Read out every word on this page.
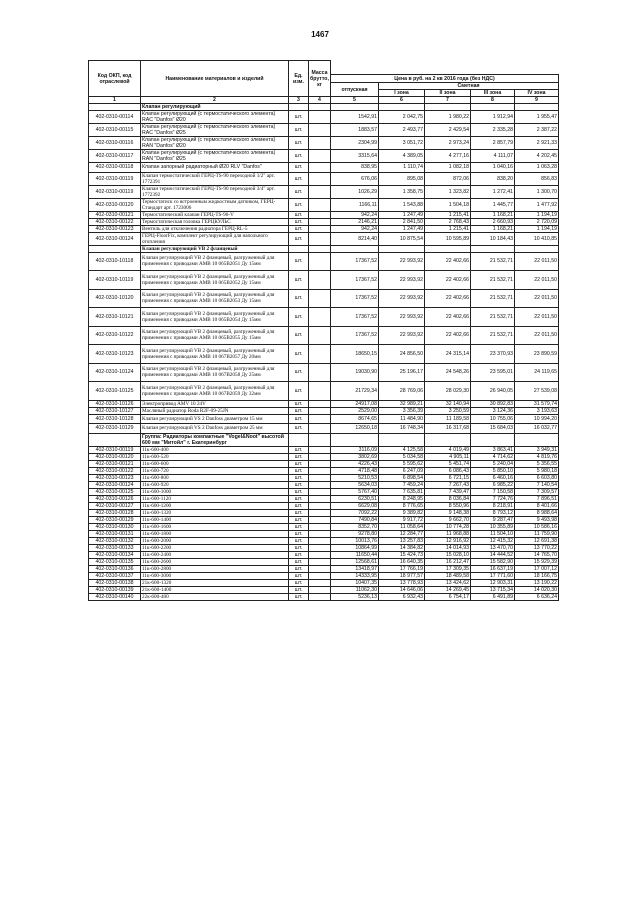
1467
Код ОКП, код отраслевой	Наименование материалов и изделий	Ед. изм.	Масса брутто, кг					
				Цена в руб. на 2 кв 2016 года (без НДС)				
				отпускная	Сметная			
					I зона	II зона	III зона	IV зона
1	2	3	4	5	6	7	8	9
	Клапан регулирующий							
402-0310-00114	Клапан регулирующий (с термостатического элемента) RAC "Danfos" Ø20	шт.		1542,91	2 042,75	1 980,22	1 912,94	1 955,47
402-0310-00115	Клапан регулирующий (с термостатического элемента) RAC "Danfos" Ø25	шт.		1883,57	2 493,77	2 429,54	2 335,28	2 387,22
402-0310-00116	Клапан регулирующий (с термостатического элемента) RAN "Danfos" Ø20	шт.		2304,99	3 051,72	2 973,24	2 857,79	2 921,33
402-0310-00117	Клапан регулирующий (с термостатического элемента) RAN "Danfos" Ø25	шт.		3315,64	4 389,05	4 277,16	4 111,07	4 202,45
402-0310-00118	Клапан запорный радиаторный Ø20 RLV "Danfos"	шт.		838,95	1 110,74	1 082,18	1 040,16	1 063,28
402-0310-00119	Клапан термостатический ГЕРЦ-TS-90 переходной 1/2" арт. 1772391	шт.		676,06	895,08	872,06	838,20	856,83
402-0310-00119	Клапан термостатический ГЕРЦ-TS-90 переходной 3/4" арт. 1772392	шт.		1026,29	1 358,75	1 323,82	1 272,41	1 300,70
402-0310-00120	Термостатиск со встроенным жидкостным датчиком, ГЕРЦ-Стандарт арт. 1723006	шт.		1166,11	1 543,88	1 504,18	1 445,77	1 477,92
402-0310-00121	Термостатический клапан ГЕРЦ-TS-90-V	шт.		942,24	1 247,49	1 215,41	1 168,21	1 194,19
402-0310-00122	Термостатическая головка ГЕРЦКУЛЬС	шт.		2146,21	2 841,50	2 768,43	2 660,93	2 720,09
402-0310-00123	Вентиль для отключения радиатора ГЕРЦ-RL-5	шт.		942,24	1 247,49	1 215,41	1 168,21	1 194,19
402-0310-00124	ГЕРЦ-FloorFix, комплект регулирующий для напольного отопления	шт.		8214,40	10 875,54	10 595,89	10 184,43	10 410,85
	Клапан регулирующий VB 2 фланцевый							
402-0310-10118	Клапан регулирующий VB 2 фланцевый, разгруженный для применения с приводами AMB 10 065B2051 Ду 15мм	шт.		17367,52	22 993,92	22 402,66	21 532,71	22 011,50
402-0310-10119	Клапан регулирующий VB 2 фланцевый, разгруженный для применения с приводами AMB 10 065B2052 Ду 15мм	шт.		17367,52	22 993,92	22 402,66	21 532,71	22 011,50
402-0310-10120	Клапан регулирующий VB 2 фланцевый, разгруженный для применения с приводами AMB 10 065B2053 Ду 15мм	шт.		17367,52	22 993,92	22 402,66	21 532,71	22 011,50
402-0310-10121	Клапан регулирующий VB 2 фланцевый, разгруженный для применения с приводами AMB 10 065B2054 Ду 15мм	шт.		17367,52	22 993,92	22 402,66	21 532,71	22 011,50
402-0310-10122	Клапан регулирующий VB 2 фланцевый, разгруженный для применения с приводами AMB 10 065B2055 Ду 15мм	шт.		17367,52	22 993,92	22 402,66	21 532,71	22 011,50
402-0310-10123	Клапан регулирующий VB 2 фланцевый, разгруженный для применения с приводами AMB 10 067B2057 Ду 20мм	шт.		18650,15	24 856,50	24 315,14	23 370,93	23 890,59
402-0310-10124	Клапан регулирующий VB 2 фланцевый, разгруженный для применения с приводами AMB 10 067B2058 Ду 25мм	шт.		19030,90	25 196,17	24 548,26	23 595,01	24 119,65
402-0310-10125	Клапан регулирующий VB 2 фланцевый, разгруженный для применения с приводами AMB 10 067B2059 Ду 32мм	шт.		21729,34	28 769,06	28 029,30	26 940,05	27 539,08
402-0310-10126	Электропривод AMV 10 24V	шт.		24917,08	32 989,21	32 140,94	30 892,83	31 579,74
402-0310-10127	Масляный радиатор Roda R2F-09-25JN	шт.		2529,00	3 356,39	3 250,59	3 124,36	3 193,63
402-0310-10128	Клапан регулирующий VS 2 Danfoss диаметром 15 мм	шт.		8674,65	11 484,90	11 189,58	10 755,06	10 994,20
402-0310-10129	Клапан регулирующий VS 2 Danfoss диаметром 25 мм	шт.		12650,18	16 748,34	16 317,68	15 684,03	16 032,77
	Группа: Радиаторы компактные "Vogel&Noot" высотой 600 мм "Митойл" г. Екатеринбург							
402-0310-00119	11к-600-400	шт.		3116,09	4 125,58	4 019,49	3 863,41	3 949,31
402-0310-00120	11к-600-520	шт.		3802,69	5 034,58	4 905,11	4 714,62	4 819,76
402-0310-00121	11к-600-600	шт.		4226,43	5 595,62	5 451,74	5 240,04	5 356,55
402-0310-00122	11к-600-720	шт.		4718,48	6 247,09	6 086,43	5 850,10	5 980,18
402-0310-00123	11к-600-800	шт.		5210,53	6 898,54	6 721,15	6 460,16	6 603,80
402-0310-00124	11к-600-920	шт.		5634,03	7 459,24	7 267,43	6 985,22	7 140,54
402-0310-00125	11к-600-1000	шт.		5767,40	7 635,81	7 439,47	7 150,58	7 309,57
402-0310-00126	11к-600-1120	шт.		6230,51	8 248,95	8 036,84	7 724,76	7 896,51
402-0310-00127	11к-600-1200	шт.		6629,08	8 776,65	8 550,96	8 218,91	8 401,66
402-0310-00128	11к-600-1320	шт.		7092,22	9 389,82	9 148,38	8 793,12	8 988,64
402-0310-00129	11к-600-1400	шт.		7490,84	9 917,72	9 662,70	9 287,47	9 493,98
402-0310-00130	11к-600-1600	шт.		8352,70	11 058,64	10 774,28	10 355,89	10 586,16
402-0310-00131	11к-600-1800	шт.		9278,80	12 284,77	11 968,88	11 504,10	11 759,90
402-0310-00132	11к-600-2000	шт.		10013,76	13 257,83	12 916,92	12 415,32	12 691,38
402-0310-00133	11к-600-2200	шт.		10864,99	14 384,82	14 014,93	13 470,70	13 770,22
402-0310-00134	11к-600-2400	шт.		11650,44	15 424,73	15 028,10	14 444,52	14 765,70
402-0310-00135	11к-600-2600	шт.		12568,61	16 640,35	16 212,47	15 582,90	15 929,39
402-0310-00136	11к-600-2800	шт.		13418,97	17 766,19	17 309,35	16 637,19	17 007,12
402-0310-00137	11к-600-3000	шт.		14333,95	18 977,57	18 489,58	17 771,60	18 166,75
402-0310-00138	21к-600-1320	шт.		10407,35	13 778,93	13 424,62	12 903,31	13 190,22
402-0310-00139	21к-600-1400	шт.		11062,30	14 646,06	14 269,45	13 715,34	14 020,30
402-0310-00140	22к-600-400	шт.		5236,13	6 932,43	6 754,17	6 491,89	6 636,24
